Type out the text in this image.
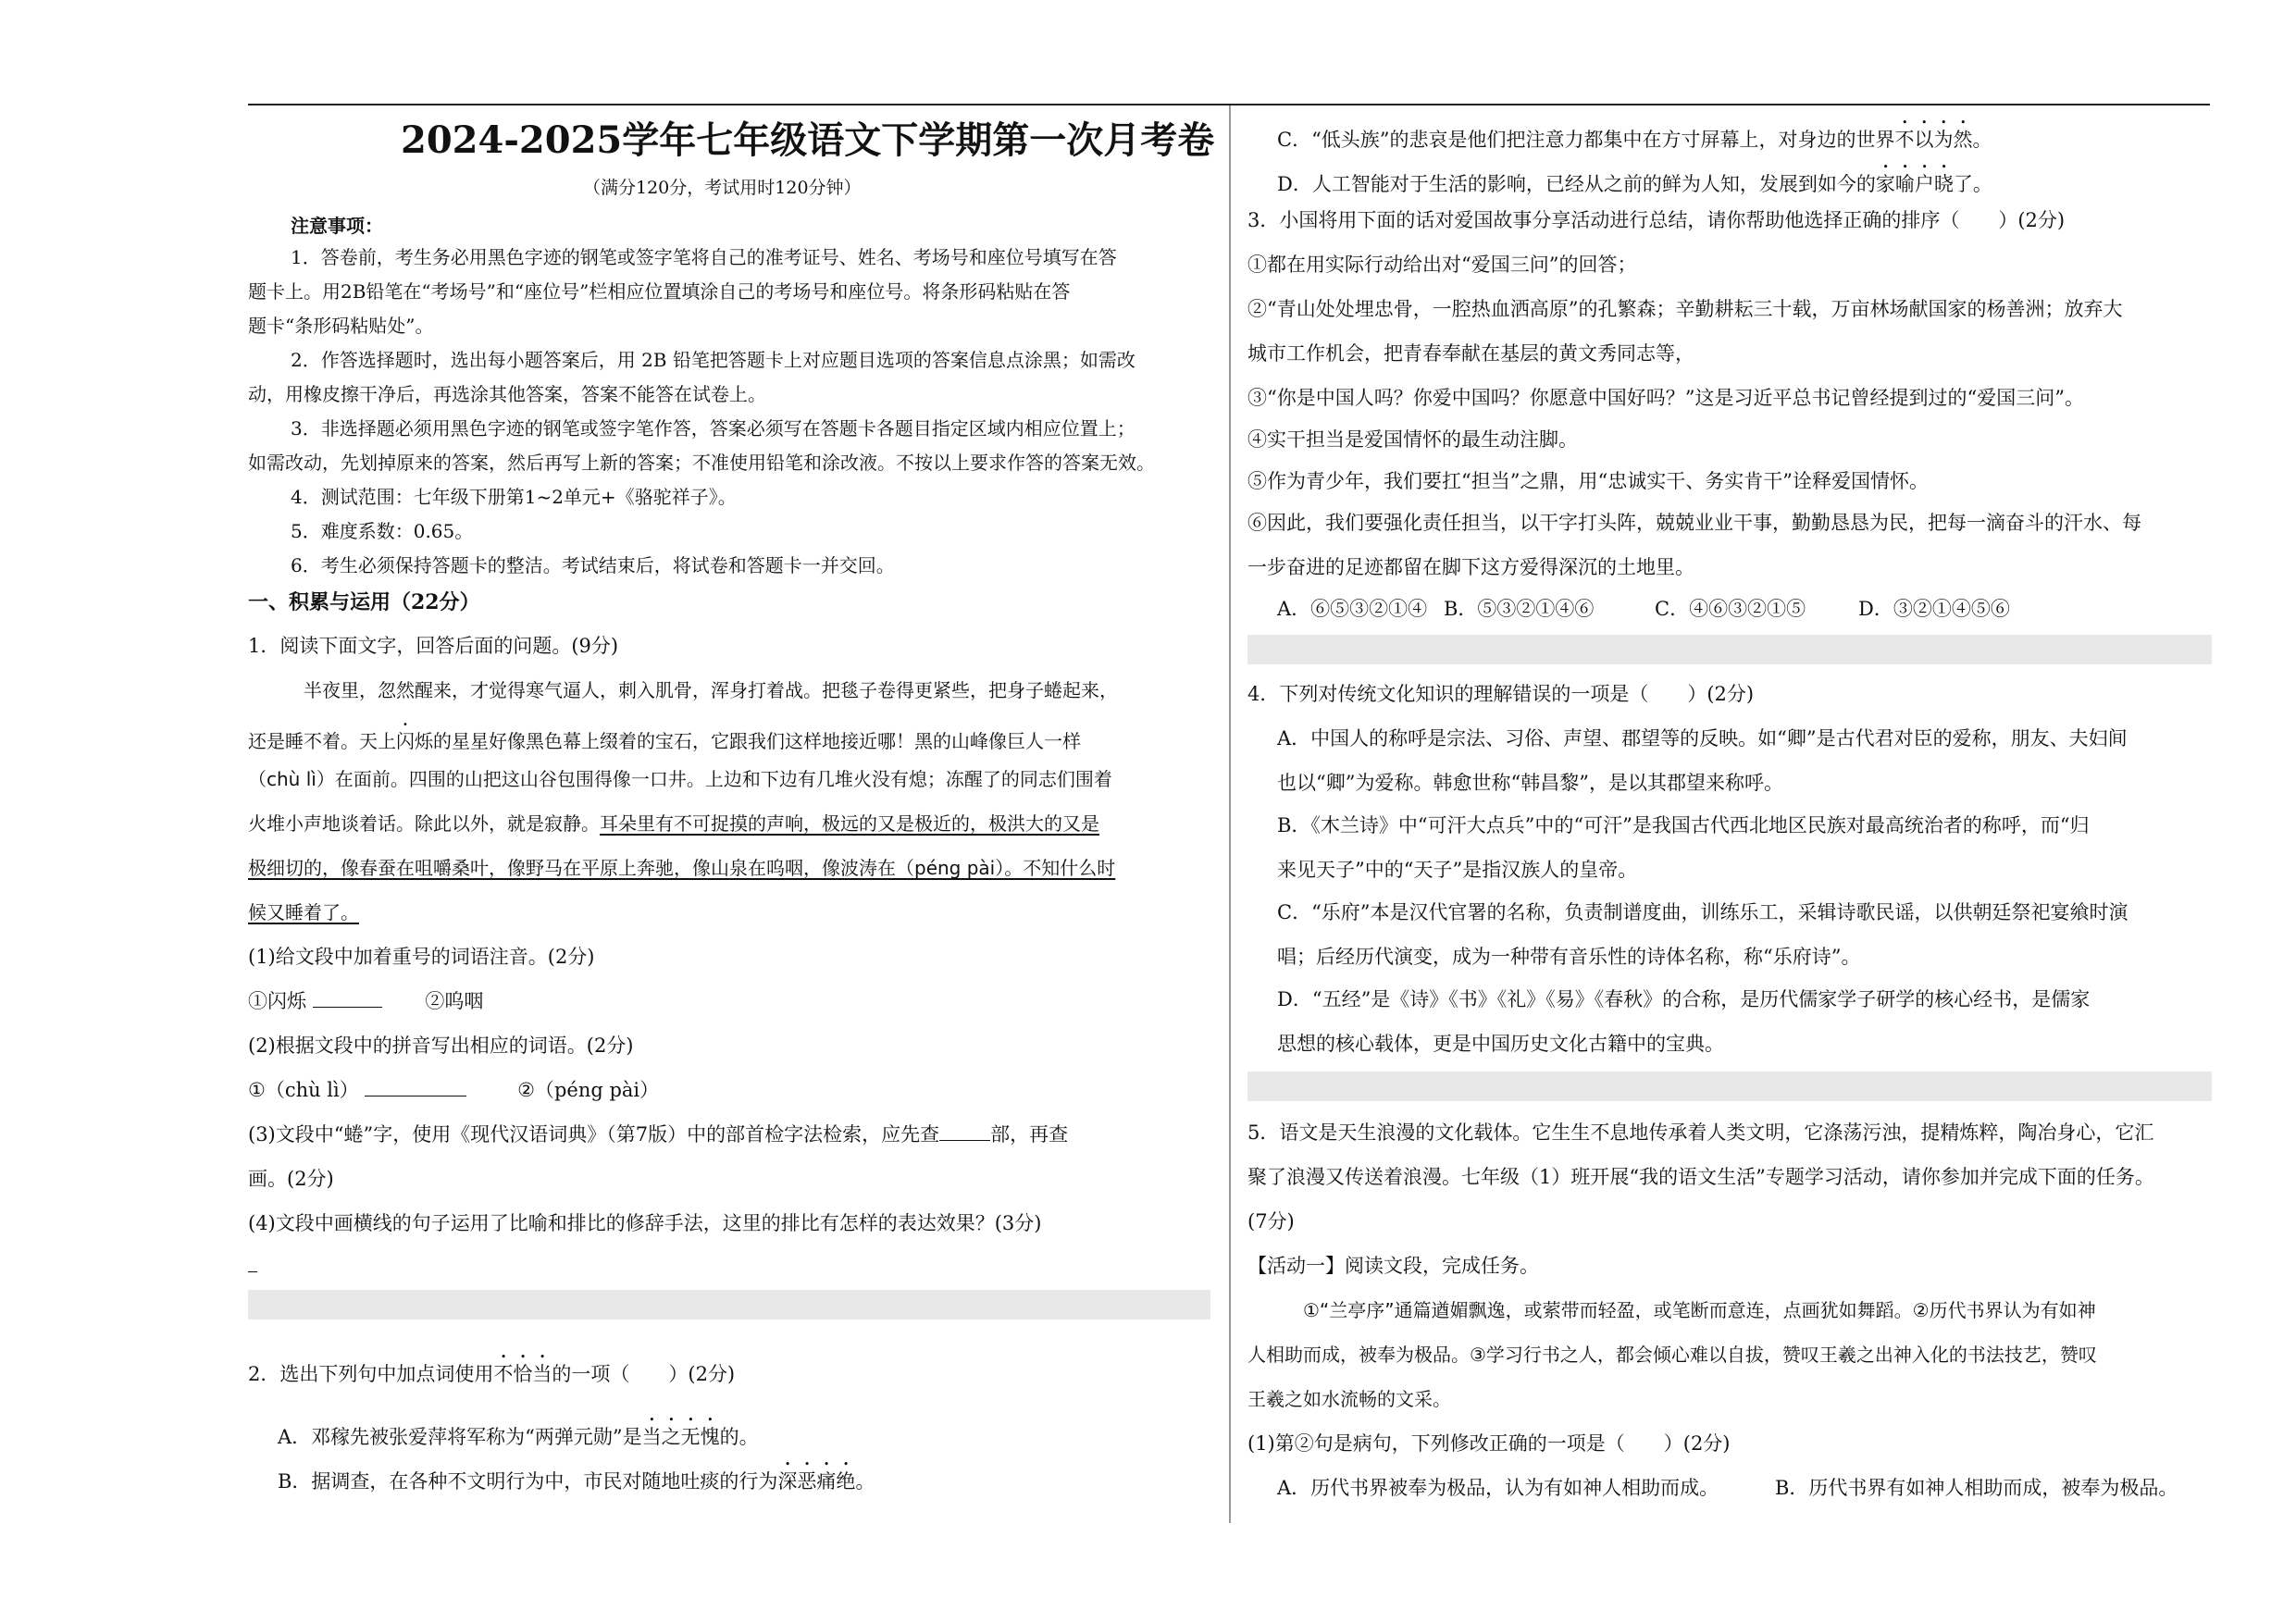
2024-2025学年七年级语文下学期第一次月考卷
（满分120分，考试用时120分钟）
注意事项：
1．答卷前，考生务必用黑色字迹的钢笔或签字笔将自己的准考证号、姓名、考场号和座位号填写在答
题卡上。用2B铅笔在“考场号”和“座位号”栏相应位置填涂自己的考场号和座位号。将条形码粘贴在答
题卡“条形码粘贴处”。
2．作答选择题时，选出每小题答案后，用 2B 铅笔把答题卡上对应题目选项的答案信息点涂黑；如需改
动，用橡皮擦干净后，再选涂其他答案，答案不能答在试卷上。
3．非选择题必须用黑色字迹的钢笔或签字笔作答，答案必须写在答题卡各题目指定区域内相应位置上；
如需改动，先划掉原来的答案，然后再写上新的答案；不准使用铅笔和涂改液。不按以上要求作答的答案无效。
4．测试范围：七年级下册第1~2单元+《骆驼祥子》。
5．难度系数：0.65。
6．考生必须保持答题卡的整洁。考试结束后，将试卷和答题卡一并交回。
一、积累与运用（22分）
1．阅读下面文字，回答后面的问题。(9分)
半夜里，忽然醒来，才觉得寒气逼人，刺入肌骨，浑身打着战。把毯子卷得更紧些，把身子蜷起来，
还是睡不着。天上闪烁的星星好像黑色幕上缀着的宝石，它跟我们这样地接近哪！黑的山峰像巨人一样
（chù lì）在面前。四围的山把这山谷包围得像一口井。上边和下边有几堆火没有熄；冻醒了的同志们围着
火堆小声地谈着话。除此以外，就是寂静。耳朵里有不可捉摸的声响，极远的又是极近的，极洪大的又是
极细切的，像春蚕在咀嚼桑叶，像野马在平原上奔驰，像山泉在呜咽，像波涛在（péng pài）。不知什么时
候又睡着了。
(1)给文段中加着重号的词语注音。(2分)
①闪烁	②呜咽
(2)根据文段中的拼音写出相应的词语。(2分)
①（chù lì）	②（péng pài）
(3)文段中“蜷”字，使用《现代汉语词典》（第7版）中的部首检字法检索，应先查	部，再查
画。(2分)
(4)文段中画横线的句子运用了比喻和排比的修辞手法，这里的排比有怎样的表达效果？(3分)
2．选出下列句中加点词使用不恰当的一项（　　）(2分)
A．邓稼先被张爱萍将军称为“两弹元勋”是当之无愧的。
B．据调查，在各种不文明行为中，市民对随地吐痰的行为深恶痛绝。
C．“低头族”的悲哀是他们把注意力都集中在方寸屏幕上，对身边的世界不以为然。
D．人工智能对于生活的影响，已经从之前的鲜为人知，发展到如今的家喻户晓了。
3．小国将用下面的话对爱国故事分享活动进行总结，请你帮助他选择正确的排序（　　）(2分)
①都在用实际行动给出对“爱国三问”的回答；
②“青山处处埋忠骨，一腔热血洒高原”的孔繁森；辛勤耕耘三十载，万亩林场献国家的杨善洲；放弃大
城市工作机会，把青春奉献在基层的黄文秀同志等，
③“你是中国人吗？你爱中国吗？你愿意中国好吗？”这是习近平总书记曾经提到过的“爱国三问”。
④实干担当是爱国情怀的最生动注脚。
⑤作为青少年，我们要扛“担当”之鼎，用“忠诚实干、务实肯干”诠释爱国情怀。
⑥因此，我们要强化责任担当，以干字打头阵，兢兢业业干事，勤勤恳恳为民，把每一滴奋斗的汗水、每
一步奋进的足迹都留在脚下这方爱得深沉的土地里。
A．⑥⑤③②①④ B．⑤③②①④⑥	C．④⑥③②①⑤	D．③②①④⑤⑥
4．下列对传统文化知识的理解错误的一项是（　　）(2分)
A．中国人的称呼是宗法、习俗、声望、郡望等的反映。如“卿”是古代君对臣的爱称，朋友、夫妇间
也以“卿”为爱称。韩愈世称“韩昌黎”，是以其郡望来称呼。
B．《木兰诗》中“可汗大点兵”中的“可汗”是我国古代西北地区民族对最高统治者的称呼，而“归
来见天子”中的“天子”是指汉族人的皇帝。
C．“乐府”本是汉代官署的名称，负责制谱度曲，训练乐工，采辑诗歌民谣，以供朝廷祭祀宴飨时演
唱；后经历代演变，成为一种带有音乐性的诗体名称，称“乐府诗”。
D．“五经”是《诗》《书》《礼》《易》《春秋》的合称，是历代儒家学子研学的核心经书，是儒家
思想的核心载体，更是中国历史文化古籍中的宝典。
5．语文是天生浪漫的文化载体。它生生不息地传承着人类文明，它涤荡污浊，提精炼粹，陶冶身心，它汇
聚了浪漫又传送着浪漫。七年级（1）班开展“我的语文生活”专题学习活动，请你参加并完成下面的任务。
(7分)
【活动一】阅读文段，完成任务。
①“兰亭序”通篇遒媚飘逸，或萦带而轻盈，或笔断而意连，点画犹如舞蹈。②历代书界认为有如神
人相助而成，被奉为极品。③学习行书之人，都会倾心难以自拔，赞叹王羲之出神入化的书法技艺，赞叹
王羲之如水流畅的文采。
(1)第②句是病句，下列修改正确的一项是（　　）(2分)
A．历代书界被奉为极品，认为有如神人相助而成。	B．历代书界有如神人相助而成，被奉为极品。
